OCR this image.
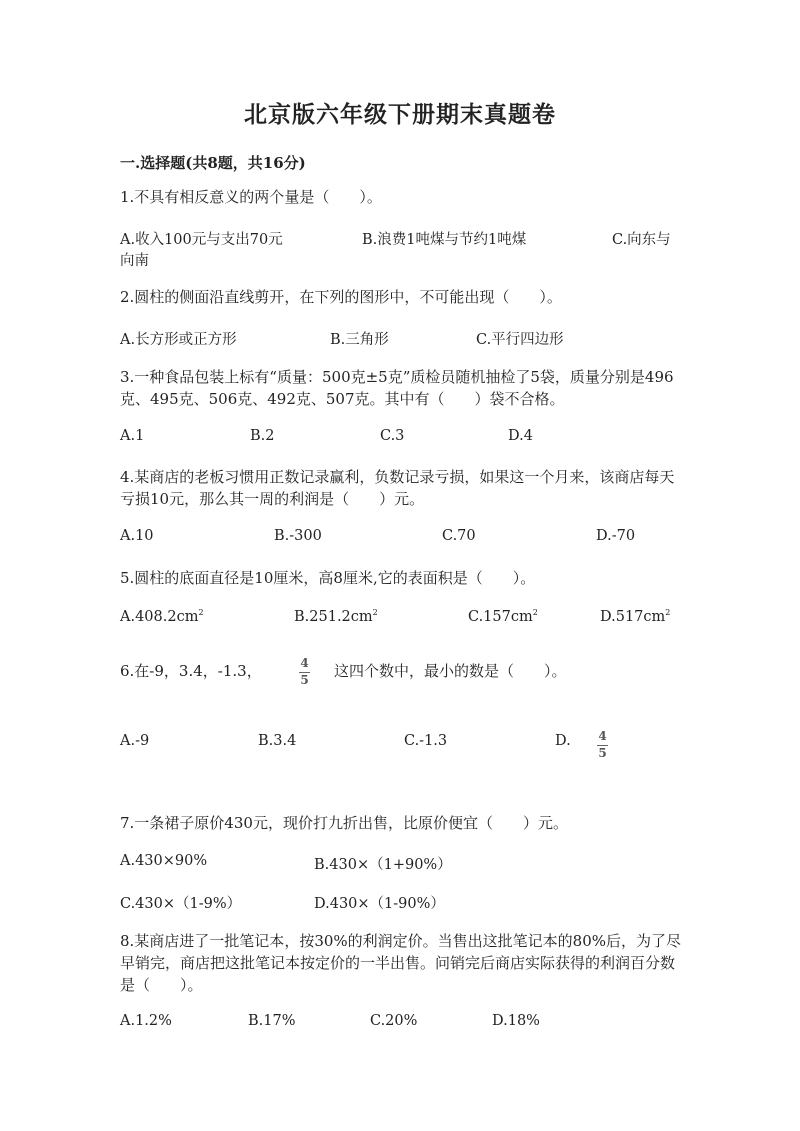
北京版六年级下册期末真题卷
一.选择题(共8题，共16分)
1.不具有相反意义的两个量是（　　）。
A.收入100元与支出70元	B.浪费1吨煤与节约1吨煤	C.向东与
向南
2.圆柱的侧面沿直线剪开，在下列的图形中，不可能出现（　　）。
A.长方形或正方形	B.三角形	C.平行四边形
3.一种食品包装上标有“质量：500克±5克”质检员随机抽检了5袋，质量分别是496克、495克、506克、492克、507克。其中有（　　）袋不合格。
A.1	B.2	C.3	D.4
4.某商店的老板习惯用正数记录赢利，负数记录亏损，如果这一个月来，该商店每天亏损10元，那么其一周的利润是（　　）元。
A.10	B.-300	C.70	D.-70
5.圆柱的底面直径是10厘米，高8厘米,它的表面积是（　　）。
$A.408.2cm^2$	$B.251.2cm^2$	$C.157cm^2$	$D.517cm^2$
6.在-9，3.4，-1.3，	4
5 这四个数中，最小的数是（　　）。
A.-9	B.3.4	C.-1.3	D. 4
5
7.一条裙子原价430元，现价打九折出售，比原价便宜（　　）元。
A.430×90%	B.430×（1+90%）
C.430×（1-9%）	D.430×（1-90%）
8.某商店进了一批笔记本，按30%的利润定价。当售出这批笔记本的80%后，为了尽早销完，商店把这批笔记本按定价的一半出售。问销完后商店实际获得的利润百分数是（　　）。
A.1.2%	B.17%	C.20%	D.18%
